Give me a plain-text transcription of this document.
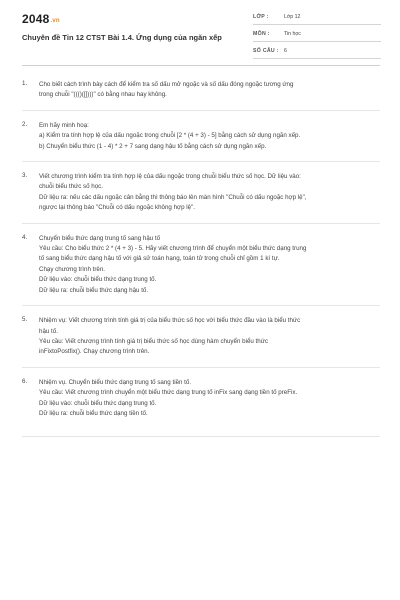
2048.vn
Chuyên đề Tin 12 CTST Bài 1.4. Ứng dụng của ngăn xếp
LỚP :	Lớp 12
MÔN :	Tin học
SỐ CÂU : 6
1. Cho biết cách trình bày cách để kiểm tra số dấu mở ngoặc và số dấu đóng ngoặc tương ứng
trong chuỗi "((()([])))" có bằng nhau hay không.
2. Em hãy minh hoạ:
a) Kiểm tra tính hợp lệ của dấu ngoặc trong chuỗi [2 * (4 + 3) - 5] bằng cách sử dụng ngăn xếp.
b) Chuyển biểu thức (1 - 4) * 2 + 7 sang dạng hậu tố bằng cách sử dụng ngăn xếp.
3. Viết chương trình kiểm tra tính hợp lệ của dấu ngoặc trong chuỗi biểu thức số học. Dữ liệu vào:
chuỗi biểu thức số học.
Dữ liệu ra: nếu các dấu ngoặc cân bằng thì thông báo lên màn hình "Chuỗi có dấu ngoặc hợp lệ",
ngược lại thông báo "Chuỗi có dấu ngoặc không hợp lệ".
4. Chuyển biểu thức dạng trung tố sang hậu tố
Yêu cầu: Cho biểu thức 2 * (4 + 3) - 5. Hãy viết chương trình để chuyển một biểu thức dạng trung
tố sang biểu thức dạng hậu tố với giả sử toán hạng, toán tử trong chuỗi chỉ gồm 1 kí tự.
Chạy chương trình trên.
Dữ liệu vào: chuỗi biểu thức dạng trung tố.
Dữ liệu ra: chuỗi biểu thức dạng hậu tố.
5. Nhiệm vụ: Viết chương trình tính giá trị của biểu thức số học với biểu thức đầu vào là biểu thức
hậu tố.
Yêu cầu: Viết chương trình tính giá trị biểu thức số học dùng hàm chuyển biểu thức
inFixtoPostfix(). Chạy chương trình trên.
6. Nhiệm vụ. Chuyển biểu thức dạng trung tố sang tiền tố.
Yêu cầu: Viết chương trình chuyển một biểu thức dạng trung tố inFix sang dạng tiền tố preFix.
Dữ liệu vào: chuỗi biểu thức dạng trung tố.
Dữ liệu ra: chuỗi biểu thức dạng tiền tố.
